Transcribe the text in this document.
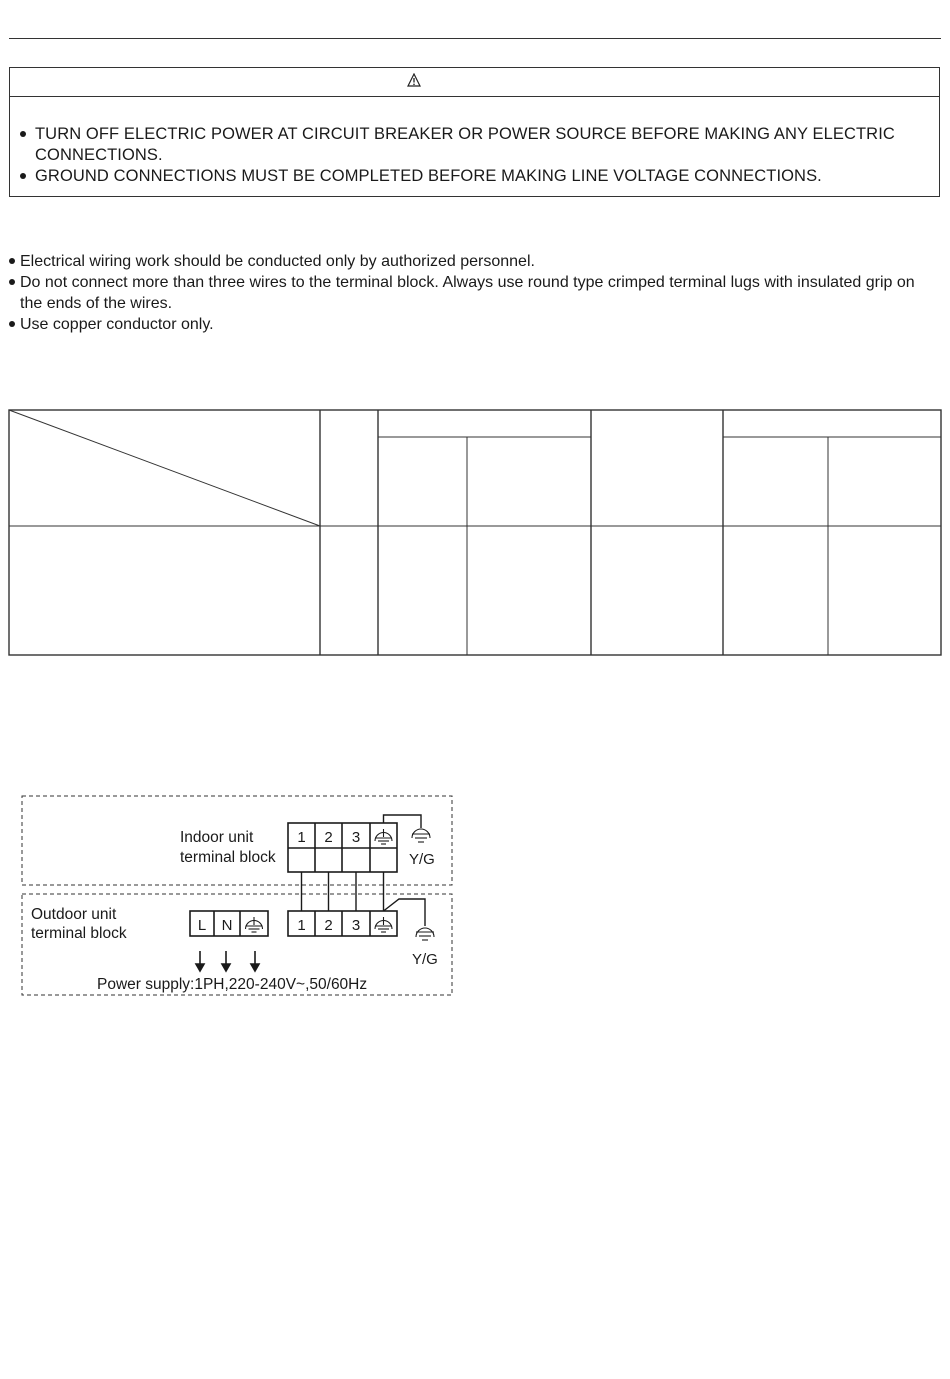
TURN OFF ELECTRIC POWER AT CIRCUIT BREAKER OR POWER SOURCE BEFORE MAKING ANY ELECTRIC CONNECTIONS.
GROUND CONNECTIONS MUST BE COMPLETED BEFORE MAKING LINE VOLTAGE CONNECTIONS.
Electrical wiring work should be conducted only by authorized personnel.
Do not connect more than three wires to the terminal block. Always use round type crimped terminal lugs with insulated grip on the ends of the wires.
Use copper conductor only.
Indoor unit
terminal block
1 2 3
Y/G
Outdoor unit
terminal block	L N	1 2 3
Y/G
Power supply:1PH,220-240V~,50/60Hz
